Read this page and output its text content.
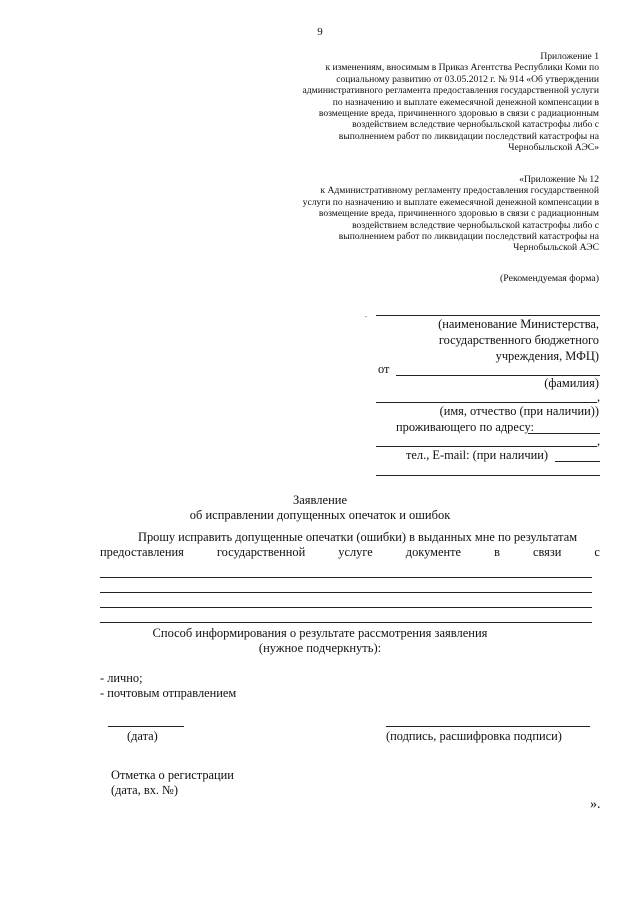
9
Приложение 1
к изменениям, вносимым в Приказ Агентства Республики Коми по
социальному развитию от 03.05.2012 г. № 914 «Об утверждении
административного регламента предоставления государственной услуги
по назначению и выплате ежемесячной денежной компенсации в
возмещение вреда, причиненного здоровью в связи с радиационным
воздействием вследствие чернобыльской катастрофы либо с
выполнением работ по ликвидации последствий катастрофы на
Чернобыльской АЭС»
«Приложение № 12
к Административному регламенту предоставления государственной
услуги по назначению и выплате ежемесячной денежной компенсации в
возмещение вреда, причиненного здоровью в связи с радиационным
воздействием вследствие чернобыльской катастрофы либо с
выполнением работ по ликвидации последствий катастрофы на
Чернобыльской АЭС
(Рекомендуемая форма)
.
(наименование Министерства,
государственного бюджетного
учреждения, МФЦ)
от
(фамилия)
,
(имя, отчество (при наличии))
проживающего по адресу:
,
тел., E-mail: (при наличии)
Заявление
об исправлении допущенных опечаток и ошибок
Прошу исправить допущенные опечатки (ошибки) в выданных мне по результатам
предоставления	государственной	услуге	документе	в	связи	с
Способ информирования о результате рассмотрения заявления
(нужное подчеркнуть):
- лично;
- почтовым отправлением
(дата)	(подпись, расшифровка подписи)
Отметка о регистрации
(дата, вх. №)
».
